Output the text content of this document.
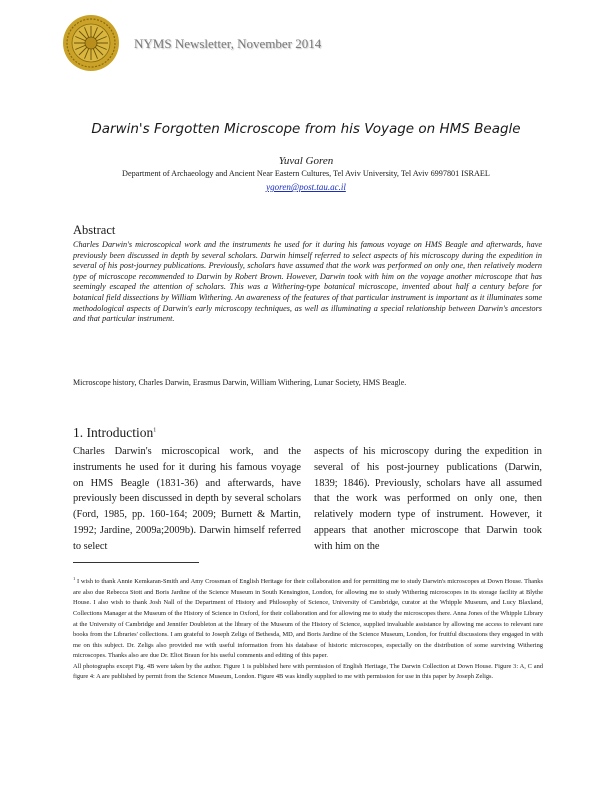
NYMS Newsletter, November 2014
Darwin's Forgotten Microscope from his Voyage on HMS Beagle
Yuval Goren
Department of Archaeology and Ancient Near Eastern Cultures, Tel Aviv University, Tel Aviv 6997801 ISRAEL
ygoren@post.tau.ac.il
Abstract
Charles Darwin's microscopical work and the instruments he used for it during his famous voyage on HMS Beagle and afterwards, have previously been discussed in depth by several scholars. Darwin himself referred to select aspects of his microscopy during the expedition in several of his post-journey publications. Previously, scholars have assumed that the work was performed on only one, then relatively modern type of microscope recommended to Darwin by Robert Brown. However, Darwin took with him on the voyage another microscope that has seemingly escaped the attention of scholars. This was a Withering-type botanical microscope, invented about half a century before for botanical field dissections by William Withering. An awareness of the features of that particular instrument is important as it illuminates some methodological aspects of Darwin's early microscopy techniques, as well as illuminating a special relationship between Darwin's ancestors and that particular instrument.
Microscope history, Charles Darwin, Erasmus Darwin, William Withering, Lunar Society, HMS Beagle.
1. Introduction$^1$
Charles Darwin's microscopical work, and the instruments he used for it during his famous voyage on HMS Beagle (1831-36) and afterwards, have previously been discussed in depth by several scholars (Ford, 1985, pp. 160-164; 2009; Burnett & Martin, 1992; Jardine, 2009a;2009b). Darwin himself referred to select
aspects of his microscopy during the expedition in several of his post-journey publications (Darwin, 1839; 1846). Previously, scholars have all assumed that the work was performed on only one, then relatively modern type of instrument. However, it appears that another microscope that Darwin took with him on the

$^1$ I wish to thank Annie Kemkaran-Smith and Amy Crossman of English Heritage for their collaboration and for permitting me to study Darwin's microscopes at Down House. Thanks are also due Rebecca Stott and Boris Jardine of the Science Museum in South Kensington, London, for allowing me to study Withering microscopes in its storage facility at Blythe House. I also wish to thank Josh Nall of the Department of History and Philosophy of Science, University of Cambridge, curator at the Whipple Museum, and Lucy Blaxland, Collections Manager at the Museum of the History of Science in Oxford, for their collaboration and for allowing me to study the microscopes there. Anna Jones of the Whipple Library at the University of Cambridge and Jennifer Doubleton at the library of the Museum of the History of Science, supplied invaluable assistance by allowing me access to relevant rare books from the Libraries' collections. I am grateful to Joseph Zeligs of Bethesda, MD, and Boris Jardine of the Science Museum, London, for fruitful discussions they engaged in with me on this subject. Dr. Zeligs also provided me with useful information from his database of historic microscopes, especially on the distribution of some surviving Withering microscopes. Thanks also are due Dr. Eliot Braun for his useful comments and editing of this paper.

All photographs except Fig. 4B were taken by the author. Figure 1 is published here with permission of English Heritage, The Darwin Collection at Down House. Figure 3: A, C and figure 4: A are published by permit from the Science Museum, London. Figure 4B was kindly supplied to me with permission for use in this paper by Joseph Zeligs.
